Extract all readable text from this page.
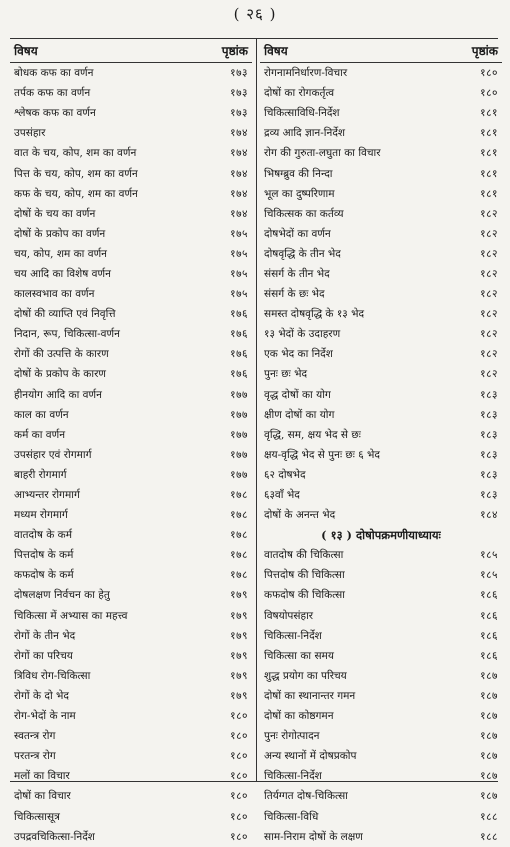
( २६ )
विषय	पृष्ठांक
बोधक कफ का वर्णन	१७३
तर्पक कफ का वर्णन	१७३
श्लेषक कफ का वर्णन	१७३
उपसंहार	१७४
वात के चय, कोप, शम का वर्णन	१७४
पित्त के चय, कोप, शम का वर्णन	१७४
कफ के चय, कोप, शम का वर्णन	१७४
दोषों के चय का वर्णन	१७४
दोषों के प्रकोप का वर्णन	१७५
चय, कोप, शम का वर्णन	१७५
चय आदि का विशेष वर्णन	१७५
कालस्वभाव का वर्णन	१७५
दोषों की व्याप्ति एवं निवृत्ति	१७६
निदान, रूप, चिकित्सा-वर्णन	१७६
रोगों की उत्पत्ति के कारण	१७६
दोषों के प्रकोप के कारण	१७६
हीनयोग आदि का वर्णन	१७७
काल का वर्णन	१७७
कर्म का वर्णन	१७७
उपसंहार एवं रोगमार्ग	१७७
बाहरी रोगमार्ग	१७७
आभ्यन्तर रोगमार्ग	१७८
मध्यम रोगमार्ग	१७८
वातदोष के कर्म	१७८
पित्तदोष के कर्म	१७८
कफदोष के कर्म	१७८
दोषलक्षण निर्वचन का हेतु	१७९
चिकित्सा में अभ्यास का महत्त्व	१७९
रोगों के तीन भेद	१७९
रोगों का परिचय	१७९
त्रिविध रोग-चिकित्सा	१७९
रोगों के दो भेद	१७९
रोग-भेदों के नाम	१८०
स्वतन्त्र रोग	१८०
परतन्त्र रोग	१८०
मलों का विचार	१८०
दोषों का विचार	१८०
चिकित्सासूत्र	१८०
उपद्रवचिकित्सा-निर्देश	१८०
विषय	पृष्ठांक
रोगनामनिर्धारण-विचार	१८०
दोषों का रोगकर्तृत्व	१८०
चिकित्साविधि-निर्देश	१८१
द्रव्य आदि ज्ञान-निर्देश	१८१
रोग की गुरुता-लघुता का विचार	१८१
भिषग्ब्रुव की निन्दा	१८१
भूल का दुष्परिणाम	१८१
चिकित्सक का कर्तव्य	१८२
दोषभेदों का वर्णन	१८२
दोषवृद्धि के तीन भेद	१८२
संसर्ग के तीन भेद	१८२
संसर्ग के छः भेद	१८२
समस्त दोषवृद्धि के १३ भेद	१८२
१३ भेदों के उदाहरण	१८२
एक भेद का निर्देश	१८२
पुनः छः भेद	१८२
वृद्ध दोषों का योग	१८३
क्षीण दोषों का योग	१८३
वृद्धि, सम, क्षय भेद से छः	१८३
क्षय-वृद्धि भेद से पुनः छः ६ भेद	१८३
६२ दोषभेद	१८३
६३वाँ भेद	१८३
दोषों के अनन्त भेद	१८४
( १३ ) दोषोपक्रमणीयाध्यायः
वातदोष की चिकित्सा	१८५
पित्तदोष की चिकित्सा	१८५
कफदोष की चिकित्सा	१८६
विषयोपसंहार	१८६
चिकित्सा-निर्देश	१८६
चिकित्सा का समय	१८६
शुद्ध प्रयोग का परिचय	१८७
दोषों का स्थानान्तर गमन	१८७
दोषों का कोष्ठगमन	१८७
पुनः रोगोत्पादन	१८७
अन्य स्थानों में दोषप्रकोप	१८७
चिकित्सा-निर्देश	१८७
तिर्यग्गत दोष-चिकित्सा	१८७
चिकित्सा-विधि	१८८
साम-निराम दोषों के लक्षण	१८८
